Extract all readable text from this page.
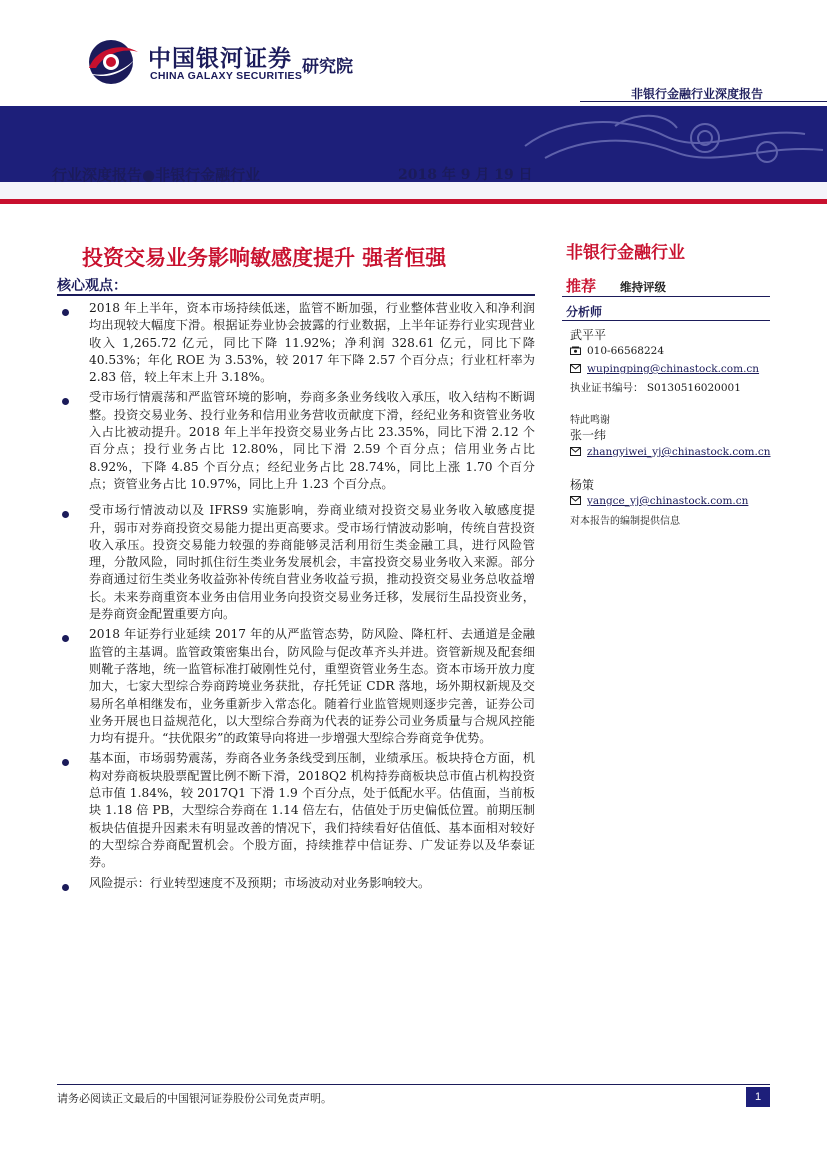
中国银河证券
CHINA GALAXY SECURITIES 研究院
非银行金融行业深度报告
行业深度报告●非银行金融行业	2018 年 9 月 19 日
投资交易业务影响敏感度提升 强者恒强
核心观点：
2018 年上半年，资本市场持续低迷，监管不断加强，行业整体营业收入和净利润均出现较大幅度下滑。根据证券业协会披露的行业数据，上半年证券行业实现营业收入 1,265.72 亿元，同比下降 11.92%；净利润 328.61 亿元，同比下降 40.53%；年化 ROE 为 3.53%，较 2017 年下降 2.57 个百分点；行业杠杆率为 2.83 倍，较上年末上升 3.18%。
受市场行情震荡和严监管环境的影响，券商多条业务线收入承压，收入结构不断调整。投资交易业务、投行业务和信用业务营收贡献度下滑，经纪业务和资管业务收入占比被动提升。2018 年上半年投资交易业务占比 23.35%，同比下滑 2.12 个百分点；投行业务占比 12.80%，同比下滑 2.59 个百分点；信用业务占比 8.92%，下降 4.85 个百分点；经纪业务占比 28.74%，同比上涨 1.70 个百分点；资管业务占比 10.97%，同比上升 1.23 个百分点。
受市场行情波动以及 IFRS9 实施影响，券商业绩对投资交易业务收入敏感度提升，弱市对券商投资交易能力提出更高要求。受市场行情波动影响，传统自营投资收入承压。投资交易能力较强的券商能够灵活利用衍生类金融工具，进行风险管理，分散风险，同时抓住衍生类业务发展机会，丰富投资交易业务收入来源。部分券商通过衍生类业务收益弥补传统自营业务收益亏损，推动投资交易业务总收益增长。未来券商重资本业务由信用业务向投资交易业务迁移，发展衍生品投资业务，是券商资金配置重要方向。
2018 年证券行业延续 2017 年的从严监管态势，防风险、降杠杆、去通道是金融监管的主基调。监管政策密集出台，防风险与促改革齐头并进。资管新规及配套细则靴子落地，统一监管标准打破刚性兑付，重塑资管业务生态。资本市场开放力度加大，七家大型综合券商跨境业务获批，存托凭证 CDR 落地，场外期权新规及交易所名单相继发布，业务重新步入常态化。随着行业监管规则逐步完善，证券公司业务开展也日益规范化，以大型综合券商为代表的证券公司业务质量与合规风控能力均有提升。“扶优限劣”的政策导向将进一步增强大型综合券商竞争优势。
基本面，市场弱势震荡，券商各业务条线受到压制，业绩承压。板块持仓方面，机构对券商板块股票配置比例不断下滑，2018Q2 机构持券商板块总市值占机构投资总市值 1.84%，较 2017Q1 下滑 1.9 个百分点，处于低配水平。估值面，当前板块 1.18 倍 PB，大型综合券商在 1.14 倍左右，估值处于历史偏低位置。前期压制板块估值提升因素未有明显改善的情况下，我们持续看好估值低、基本面相对较好的大型综合券商配置机会。个股方面，持续推荐中信证券、广发证券以及华泰证券。
风险提示：行业转型速度不及预期；市场波动对业务影响较大。
非银行金融行业
推荐 维持评级
分析师
武平平
010-66568224
wupingping@chinastock.com.cn
执业证书编号： S0130516020001
特此鸣谢
张一纬
zhangyiwei_yj@chinastock.com.cn
杨策
yangce_yj@chinastock.com.cn
对本报告的编制提供信息
请务必阅读正文最后的中国银河证券股份公司免责声明。	1
